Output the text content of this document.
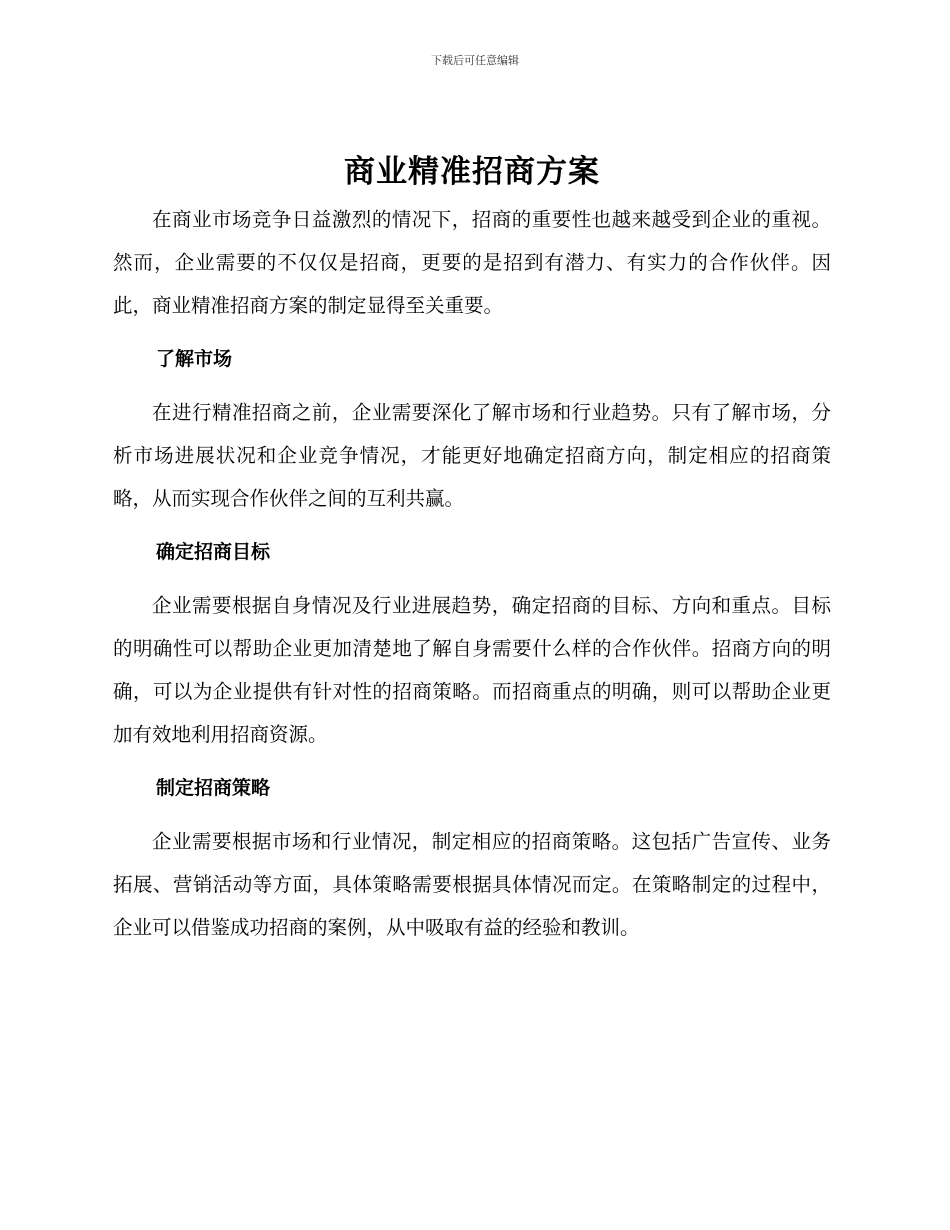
下载后可任意编辑
商业精准招商方案

在商业市场竞争日益激烈的情况下，招商的重要性也越来越受到企业的重视。然而，企业需要的不仅仅是招商，更要的是招到有潜力、有实力的合作伙伴。因此，商业精准招商方案的制定显得至关重要。

了解市场

在进行精准招商之前，企业需要深化了解市场和行业趋势。只有了解市场，分析市场进展状况和企业竞争情况，才能更好地确定招商方向，制定相应的招商策略，从而实现合作伙伴之间的互利共赢。

确定招商目标

企业需要根据自身情况及行业进展趋势，确定招商的目标、方向和重点。目标的明确性可以帮助企业更加清楚地了解自身需要什么样的合作伙伴。招商方向的明确，可以为企业提供有针对性的招商策略。而招商重点的明确，则可以帮助企业更加有效地利用招商资源。

制定招商策略

企业需要根据市场和行业情况，制定相应的招商策略。这包括广告宣传、业务拓展、营销活动等方面，具体策略需要根据具体情况而定。在策略制定的过程中，企业可以借鉴成功招商的案例，从中吸取有益的经验和教训。
